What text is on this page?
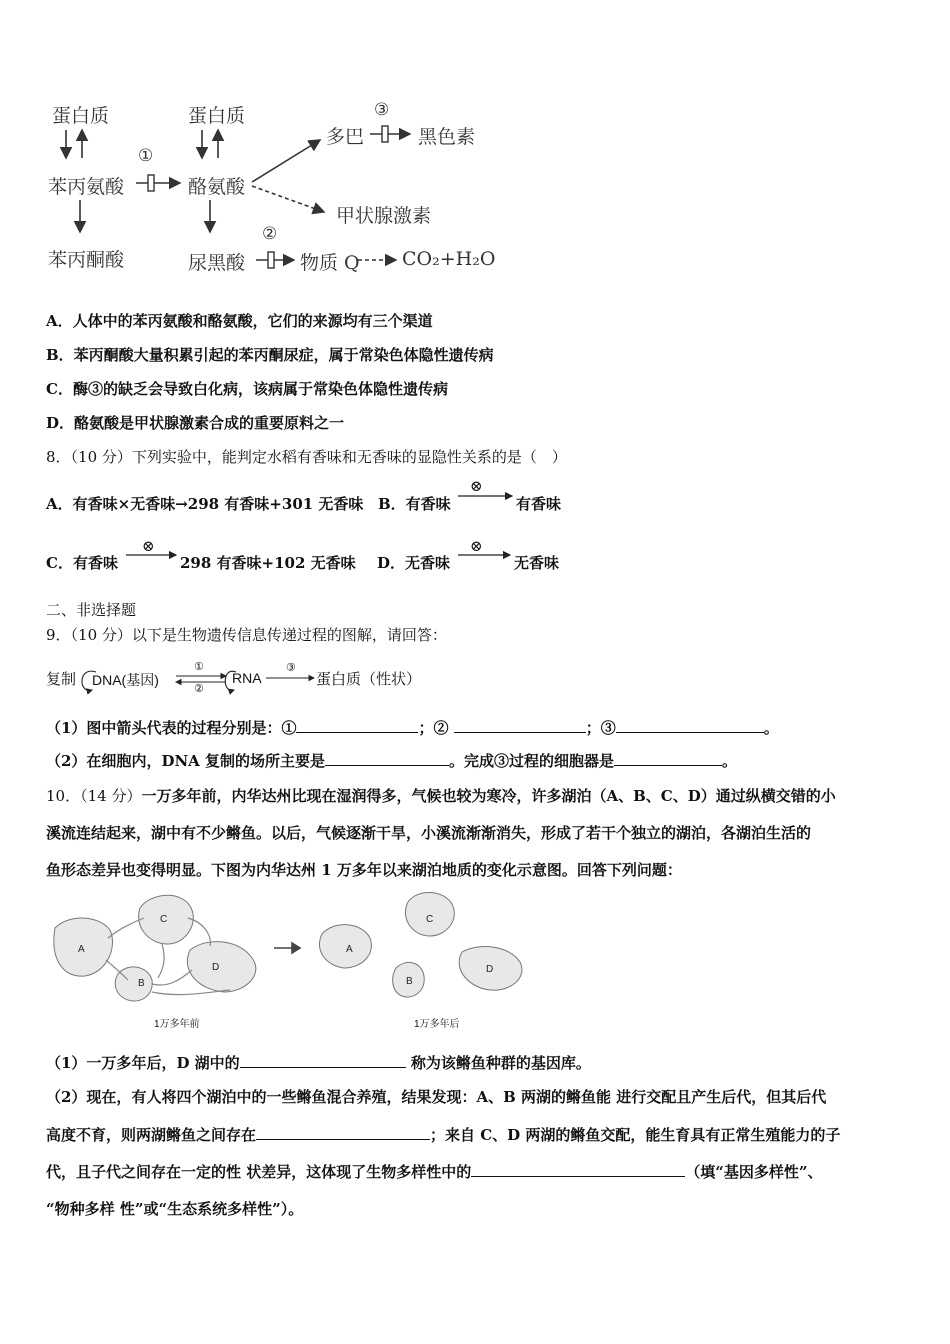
蛋白质	蛋白质
苯丙氨酸	酪氨酸
苯丙酮酸	尿黑酸
多巴	黑色素
甲状腺激素
物质 Q CO₂+H₂O
①
②
③
A．人体中的苯丙氨酸和酪氨酸，它们的来源均有三个渠道
B．苯丙酮酸大量积累引起的苯丙酮尿症，属于常染色体隐性遗传病
C．酶③的缺乏会导致白化病，该病属于常染色体隐性遗传病
D．酪氨酸是甲状腺激素合成的重要原料之一
8．（10 分）下列实验中，能判定水稻有香味和无香味的显隐性关系的是（　）
A．有香味×无香味→298 有香味+301 无香味 B．有香味
⊗
有香味
C．有香味
⊗
298 有香味+102 无香味 D．无香味
⊗
无香味
二、非选择题
9．（10 分）以下是生物遗传信息传递过程的图解，请回答：
复制 DNA(基因)	RNA	蛋白质（性状）
①
②
③
（1）图中箭头代表的过程分别是：①	；②	；③	。
（2）在细胞内，DNA 复制的场所主要是	。完成③过程的细胞器是	。
10．（14 分）一万多年前，内华达州比现在湿润得多，气候也较为寒冷，许多湖泊（A、B、C、D）通过纵横交错的小
溪流连结起来，湖中有不少鳉鱼。以后，气候逐渐干旱，小溪流渐渐消失，形成了若干个独立的湖泊，各湖泊生活的
鱼形态差异也变得明显。下图为内华达州 1 万多年以来湖泊地质的变化示意图。回答下列问题：
A
C
B
D
A
C
B
D
1万多年前	1万多年后
（1）一万多年后，D 湖中的	称为该鳉鱼种群的基因库。
（2）现在，有人将四个湖泊中的一些鳉鱼混合养殖，结果发现：A、B 两湖的鳉鱼能 进行交配且产生后代，但其后代
高度不育，则两湖鳉鱼之间存在	；来自 C、D 两湖的鳉鱼交配，能生育具有正常生殖能力的子
代，且子代之间存在一定的性 状差异，这体现了生物多样性中的	（填“基因多样性”、
“物种多样 性”或“生态系统多样性”）。
